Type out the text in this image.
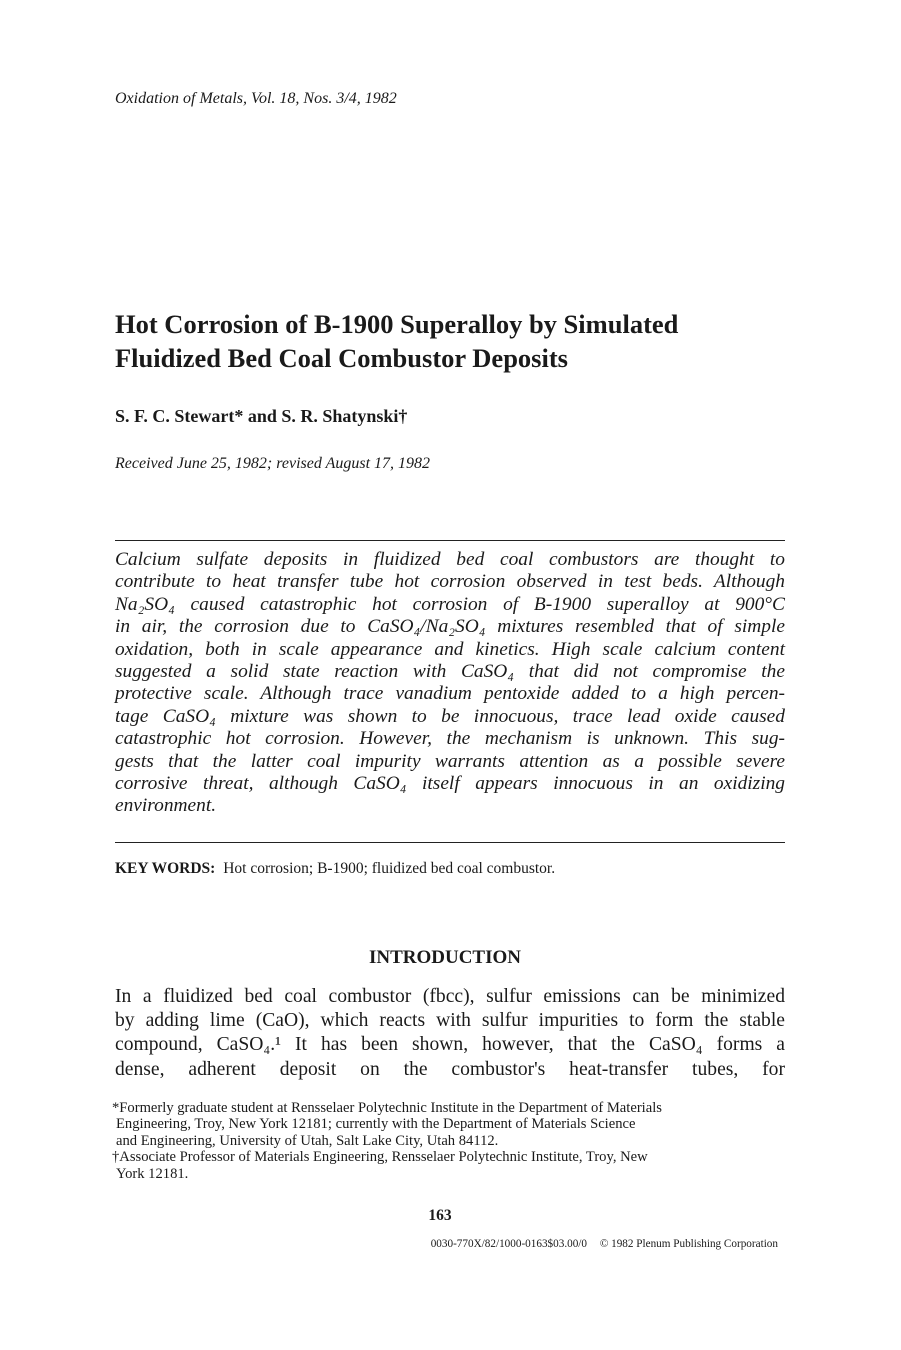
Oxidation of Metals, Vol. 18, Nos. 3/4, 1982
Hot Corrosion of B-1900 Superalloy by Simulated
Fluidized Bed Coal Combustor Deposits
S. F. C. Stewart* and S. R. Shatynski†
Received June 25, 1982; revised August 17, 1982
Calcium sulfate deposits in fluidized bed coal combustors are thought to
contribute to heat transfer tube hot corrosion observed in test beds. Although
Na₂SO₄ caused catastrophic hot corrosion of B-1900 superalloy at 900°C
in air, the corrosion due to CaSO₄/Na₂SO₄ mixtures resembled that of simple
oxidation, both in scale appearance and kinetics. High scale calcium content
suggested a solid state reaction with CaSO₄ that did not compromise the
protective scale. Although trace vanadium pentoxide added to a high percen-
tage CaSO₄ mixture was shown to be innocuous, trace lead oxide caused
catastrophic hot corrosion. However, the mechanism is unknown. This sug-
gests that the latter coal impurity warrants attention as a possible severe
corrosive threat, although CaSO₄ itself appears innocuous in an oxidizing
environment.
KEY WORDS: Hot corrosion; B-1900; fluidized bed coal combustor.
INTRODUCTION
In a fluidized bed coal combustor (fbcc), sulfur emissions can be minimized
by adding lime (CaO), which reacts with sulfur impurities to form the stable
compound, CaSO₄.¹ It has been shown, however, that the CaSO₄ forms a
dense, adherent deposit on the combustor's heat-transfer tubes, for
*Formerly graduate student at Rensselaer Polytechnic Institute in the Department of Materials
Engineering, Troy, New York 12181; currently with the Department of Materials Science
and Engineering, University of Utah, Salt Lake City, Utah 84112.
†Associate Professor of Materials Engineering, Rensselaer Polytechnic Institute, Troy, New
York 12181.
163
0030-770X/82/1000-0163$03.00/0 © 1982 Plenum Publishing Corporation
